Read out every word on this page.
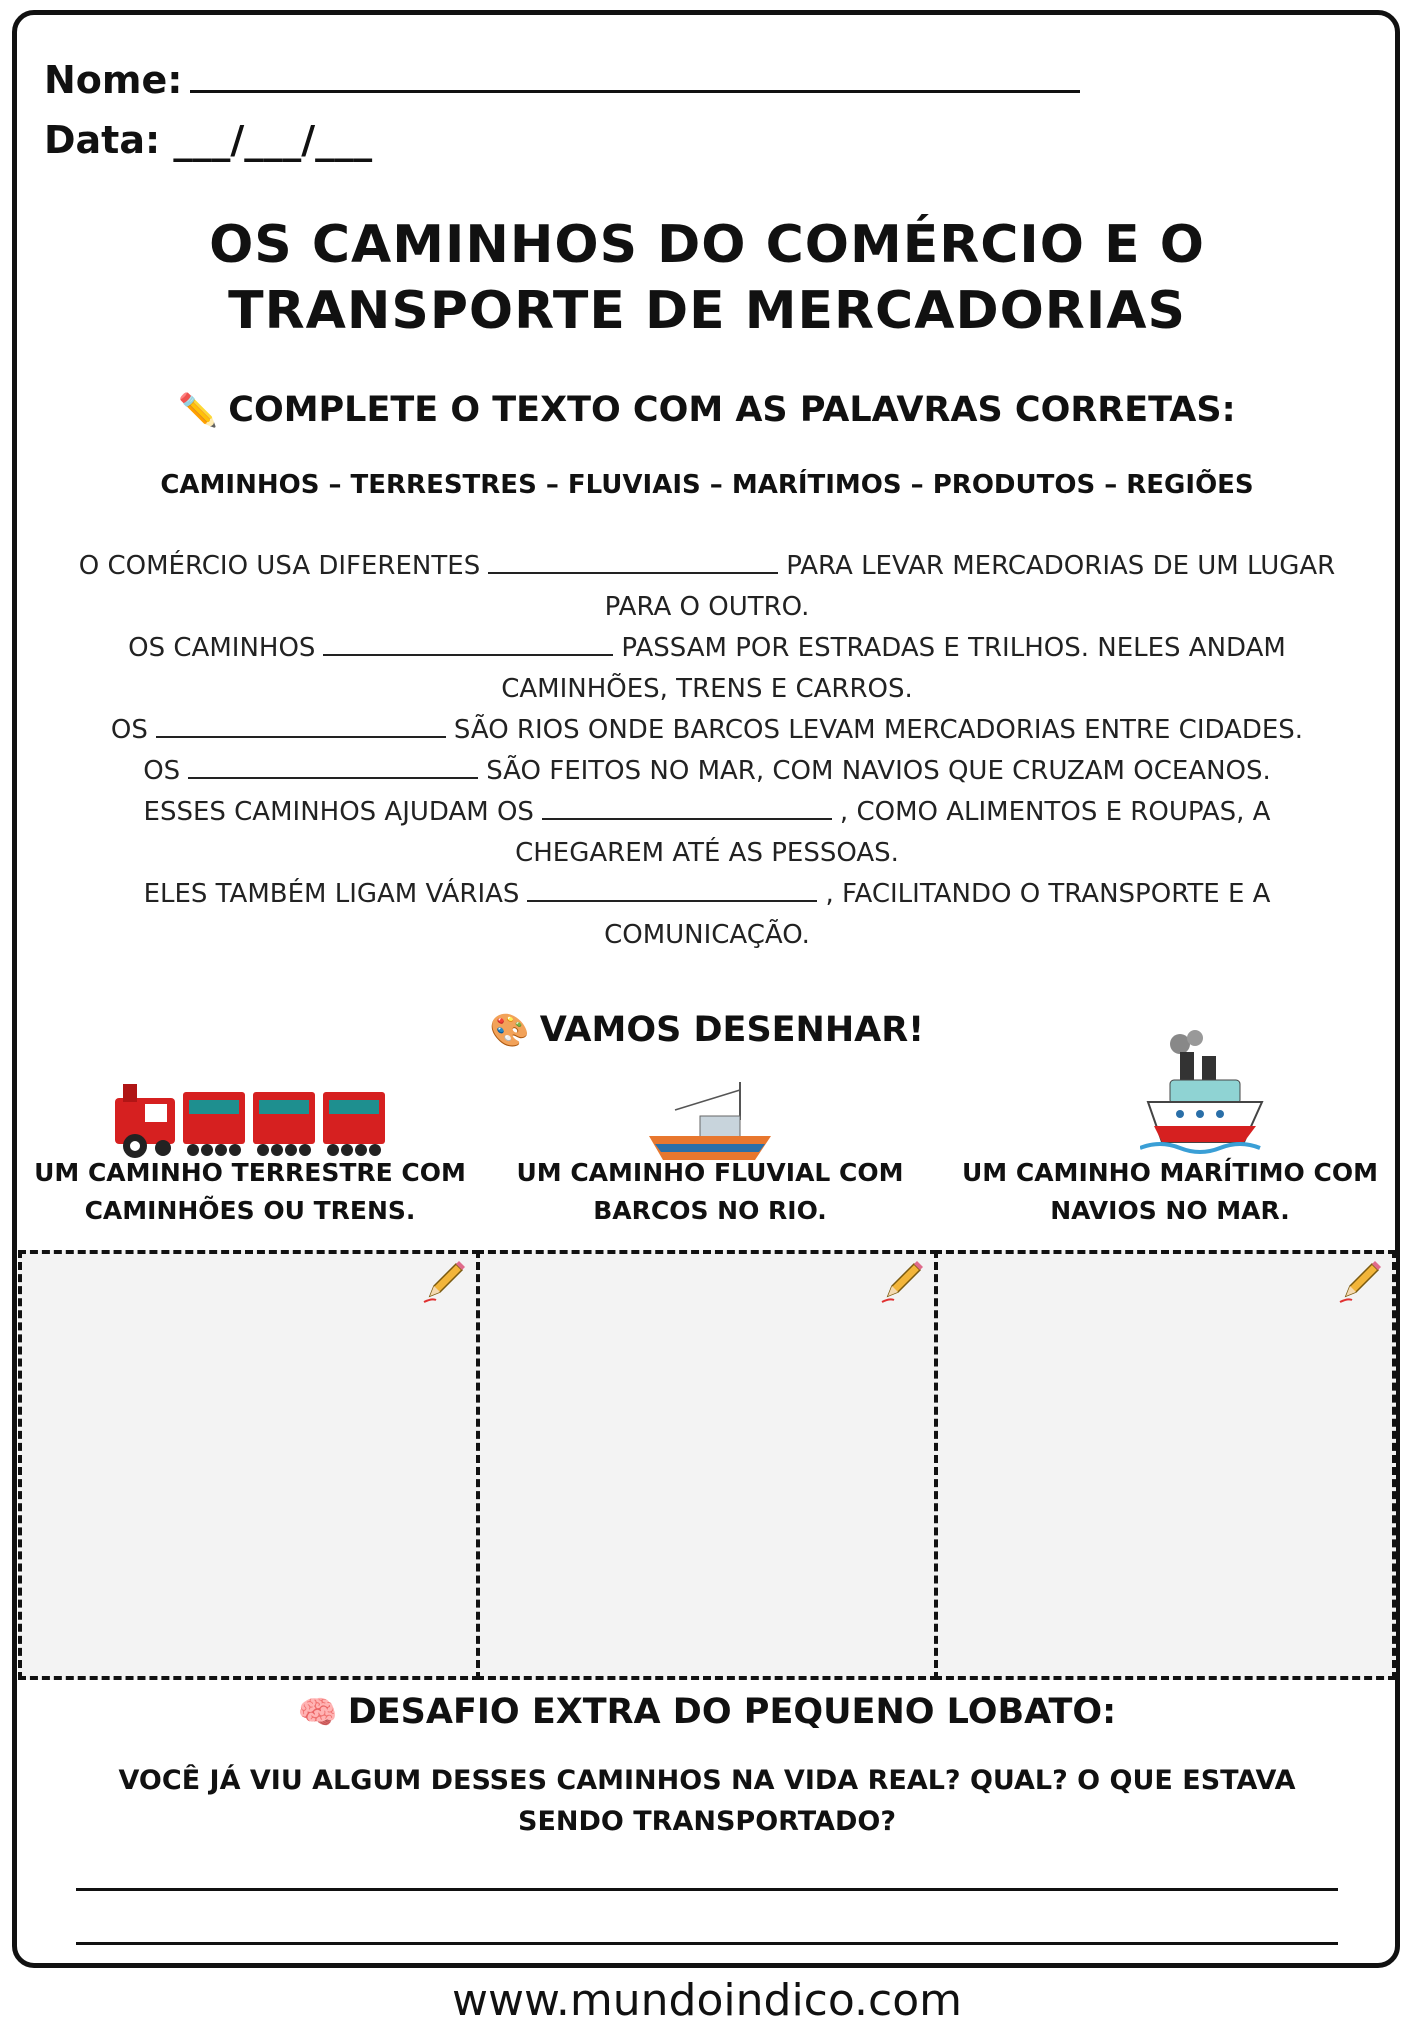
Nome:
Data: ___/___/___
OS CAMINHOS DO COMÉRCIO E O TRANSPORTE DE MERCADORIAS
✏️ COMPLETE O TEXTO COM AS PALAVRAS CORRETAS:
CAMINHOS – TERRESTRES – FLUVIAIS – MARÍTIMOS – PRODUTOS – REGIÕES
O COMÉRCIO USA DIFERENTES	PARA LEVAR MERCADORIAS DE UM LUGAR PARA O OUTRO.
OS CAMINHOS	PASSAM POR ESTRADAS E TRILHOS. NELES ANDAM CAMINHÕES, TRENS E CARROS.
OS	SÃO RIOS ONDE BARCOS LEVAM MERCADORIAS ENTRE CIDADES.
OS	SÃO FEITOS NO MAR, COM NAVIOS QUE CRUZAM OCEANOS.
ESSES CAMINHOS AJUDAM OS	, COMO ALIMENTOS E ROUPAS, A CHEGAREM ATÉ AS PESSOAS.
ELES TAMBÉM LIGAM VÁRIAS	, FACILITANDO O TRANSPORTE E A COMUNICAÇÃO.
🎨 VAMOS DESENHAR!
UM CAMINHO TERRESTRE COM
CAMINHÕES OU TRENS.
UM CAMINHO FLUVIAL COM
BARCOS NO RIO.
UM CAMINHO MARÍTIMO COM
NAVIOS NO MAR.
🧠 DESAFIO EXTRA DO PEQUENO LOBATO:
VOCÊ JÁ VIU ALGUM DESSES CAMINHOS NA VIDA REAL? QUAL? O QUE ESTAVA SENDO TRANSPORTADO?
www.mundoindico.com
